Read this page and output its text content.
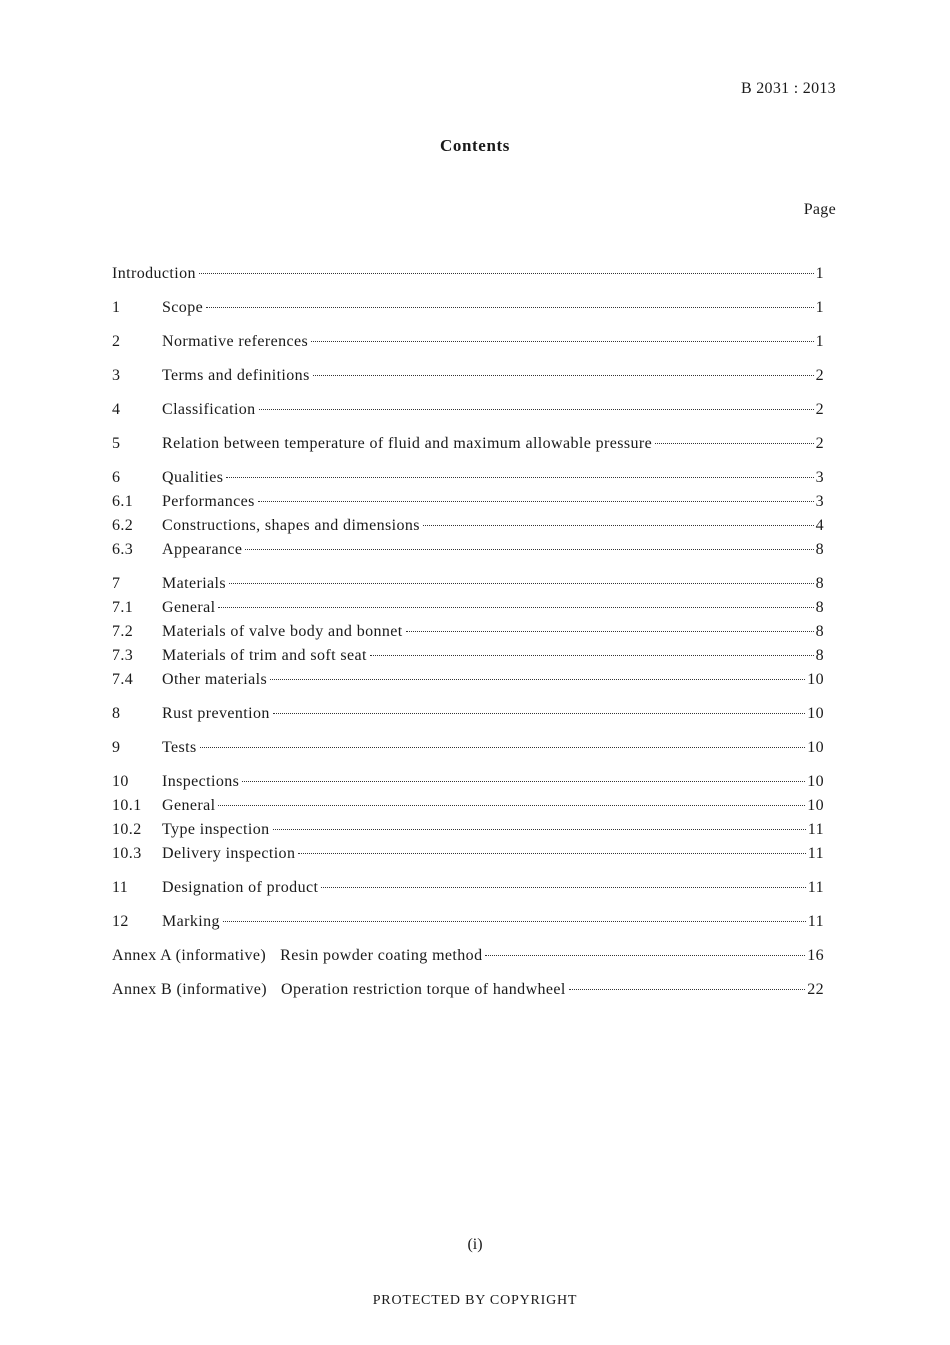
B 2031 : 2013
Contents
Page
Introduction	1
1	Scope	1
2	Normative references	1
3	Terms and definitions	2
4	Classification	2
5	Relation between temperature of fluid and maximum allowable pressure	2
6	Qualities	3
6.1	Performances	3
6.2	Constructions, shapes and dimensions	4
6.3	Appearance	8
7	Materials	8
7.1	General	8
7.2	Materials of valve body and bonnet	8
7.3	Materials of trim and soft seat	8
7.4	Other materials	10
8	Rust prevention	10
9	Tests	10
10	Inspections	10
10.1	General	10
10.2	Type inspection	11
10.3	Delivery inspection	11
11	Designation of product	11
12	Marking	11
Annex A (informative) Resin powder coating method	16
Annex B (informative) Operation restriction torque of handwheel	22
(i)
PROTECTED BY COPYRIGHT
